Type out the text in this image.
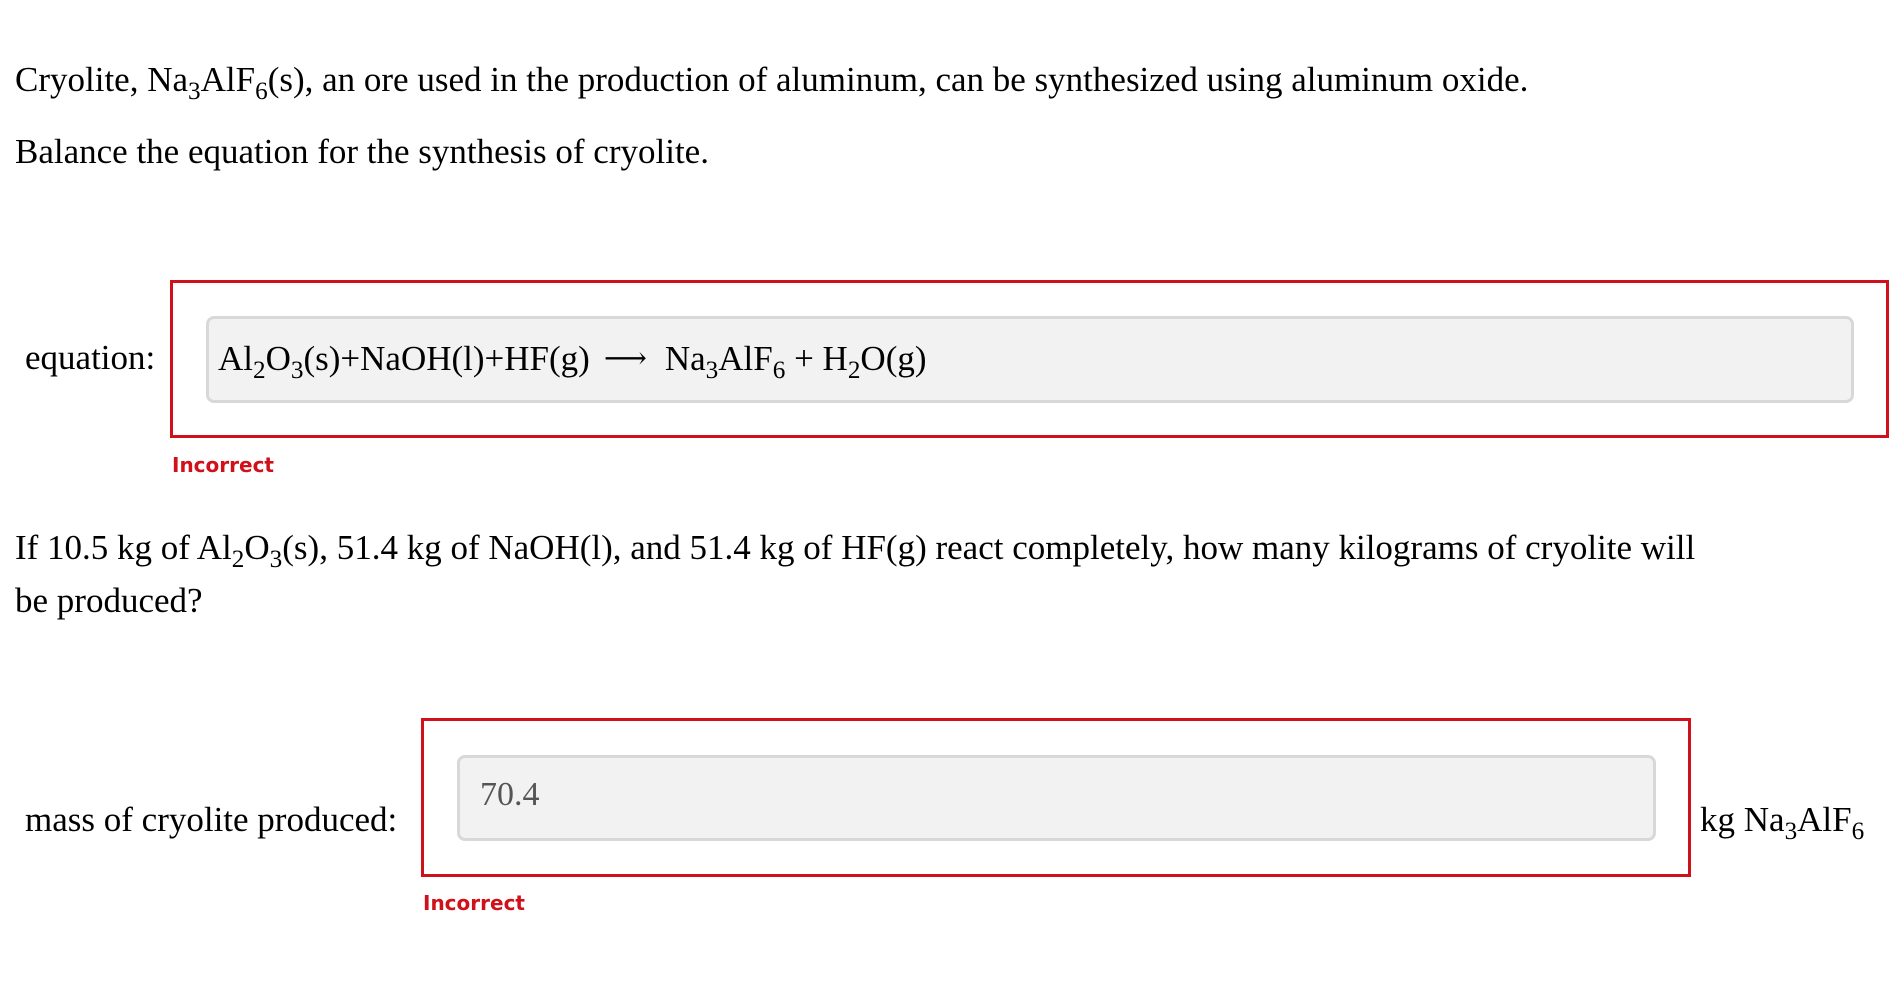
Cryolite, $Na_3AlF_6(s)$, an ore used in the production of aluminum, can be synthesized using aluminum oxide.
Balance the equation for the synthesis of cryolite.
equation:	$Al_2O_3(s)+NaOH(l)+HF(g)$ ⟶ $Na_3AlF_6 + H_2O(g)$
Incorrect
If 10.5 kg of $Al_2O_3(s)$, 51.4 kg of NaOH(l), and 51.4 kg of HF(g) react completely, how many kilograms of cryolite will
be produced?
mass of cryolite produced:
70.4
kg $Na_3AlF_6$
Incorrect
